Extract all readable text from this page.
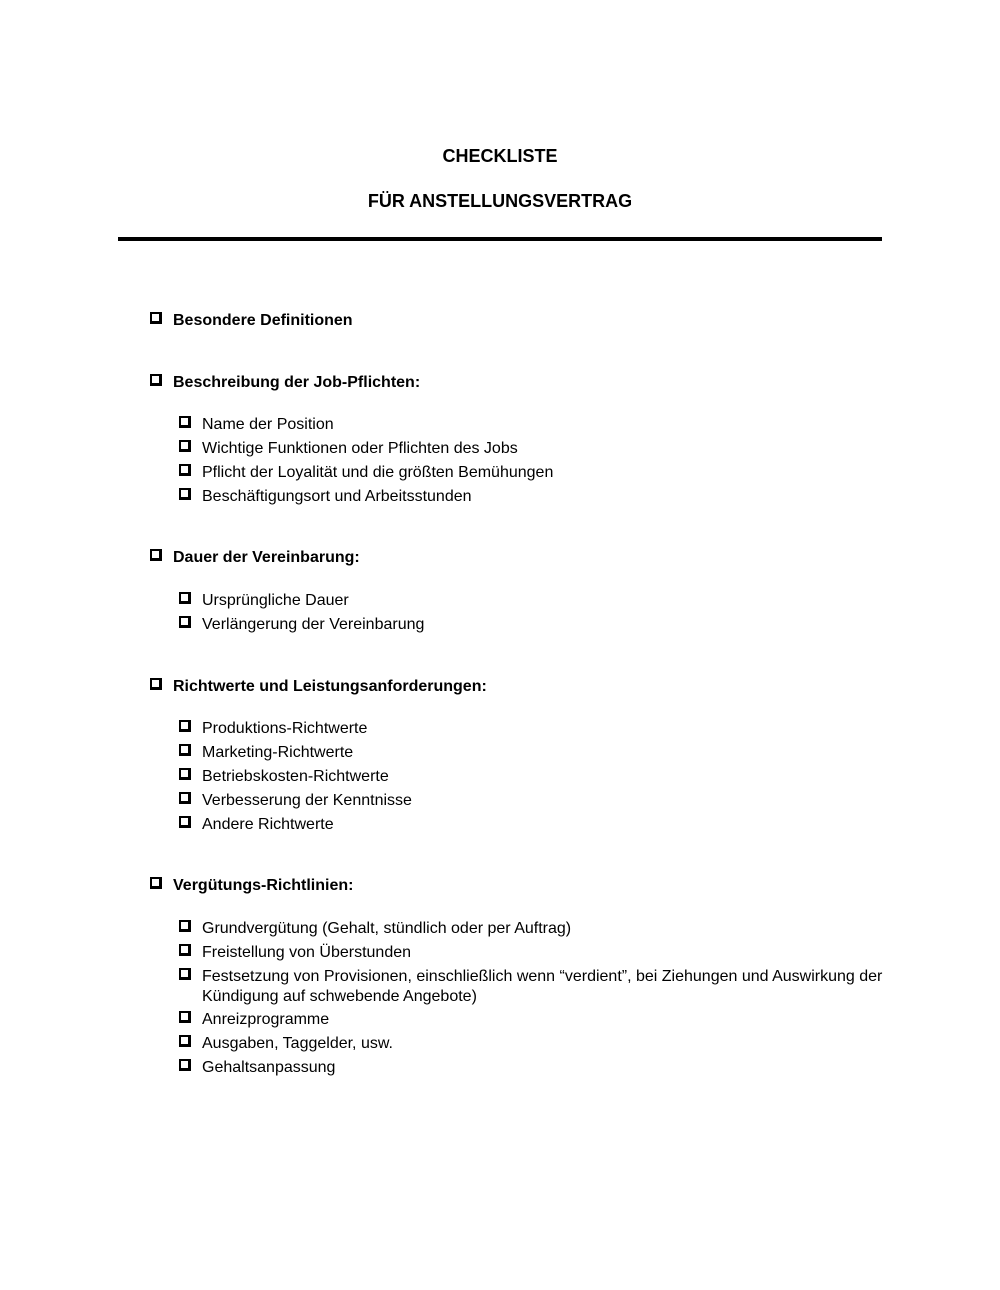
CHECKLISTE
FÜR ANSTELLUNGSVERTRAG
Besondere Definitionen
Beschreibung der Job-Pflichten:
Name der Position
Wichtige Funktionen oder Pflichten des Jobs
Pflicht der Loyalität und die größten Bemühungen
Beschäftigungsort und Arbeitsstunden
Dauer der Vereinbarung:
Ursprüngliche Dauer
Verlängerung der Vereinbarung
Richtwerte und Leistungsanforderungen:
Produktions-Richtwerte
Marketing-Richtwerte
Betriebskosten-Richtwerte
Verbesserung der Kenntnisse
Andere Richtwerte
Vergütungs-Richtlinien:
Grundvergütung (Gehalt, stündlich oder per Auftrag)
Freistellung von Überstunden
Festsetzung von Provisionen, einschließlich wenn “verdient”, bei Ziehungen und Auswirkung der Kündigung auf schwebende Angebote)
Anreizprogramme
Ausgaben, Taggelder, usw.
Gehaltsanpassung
